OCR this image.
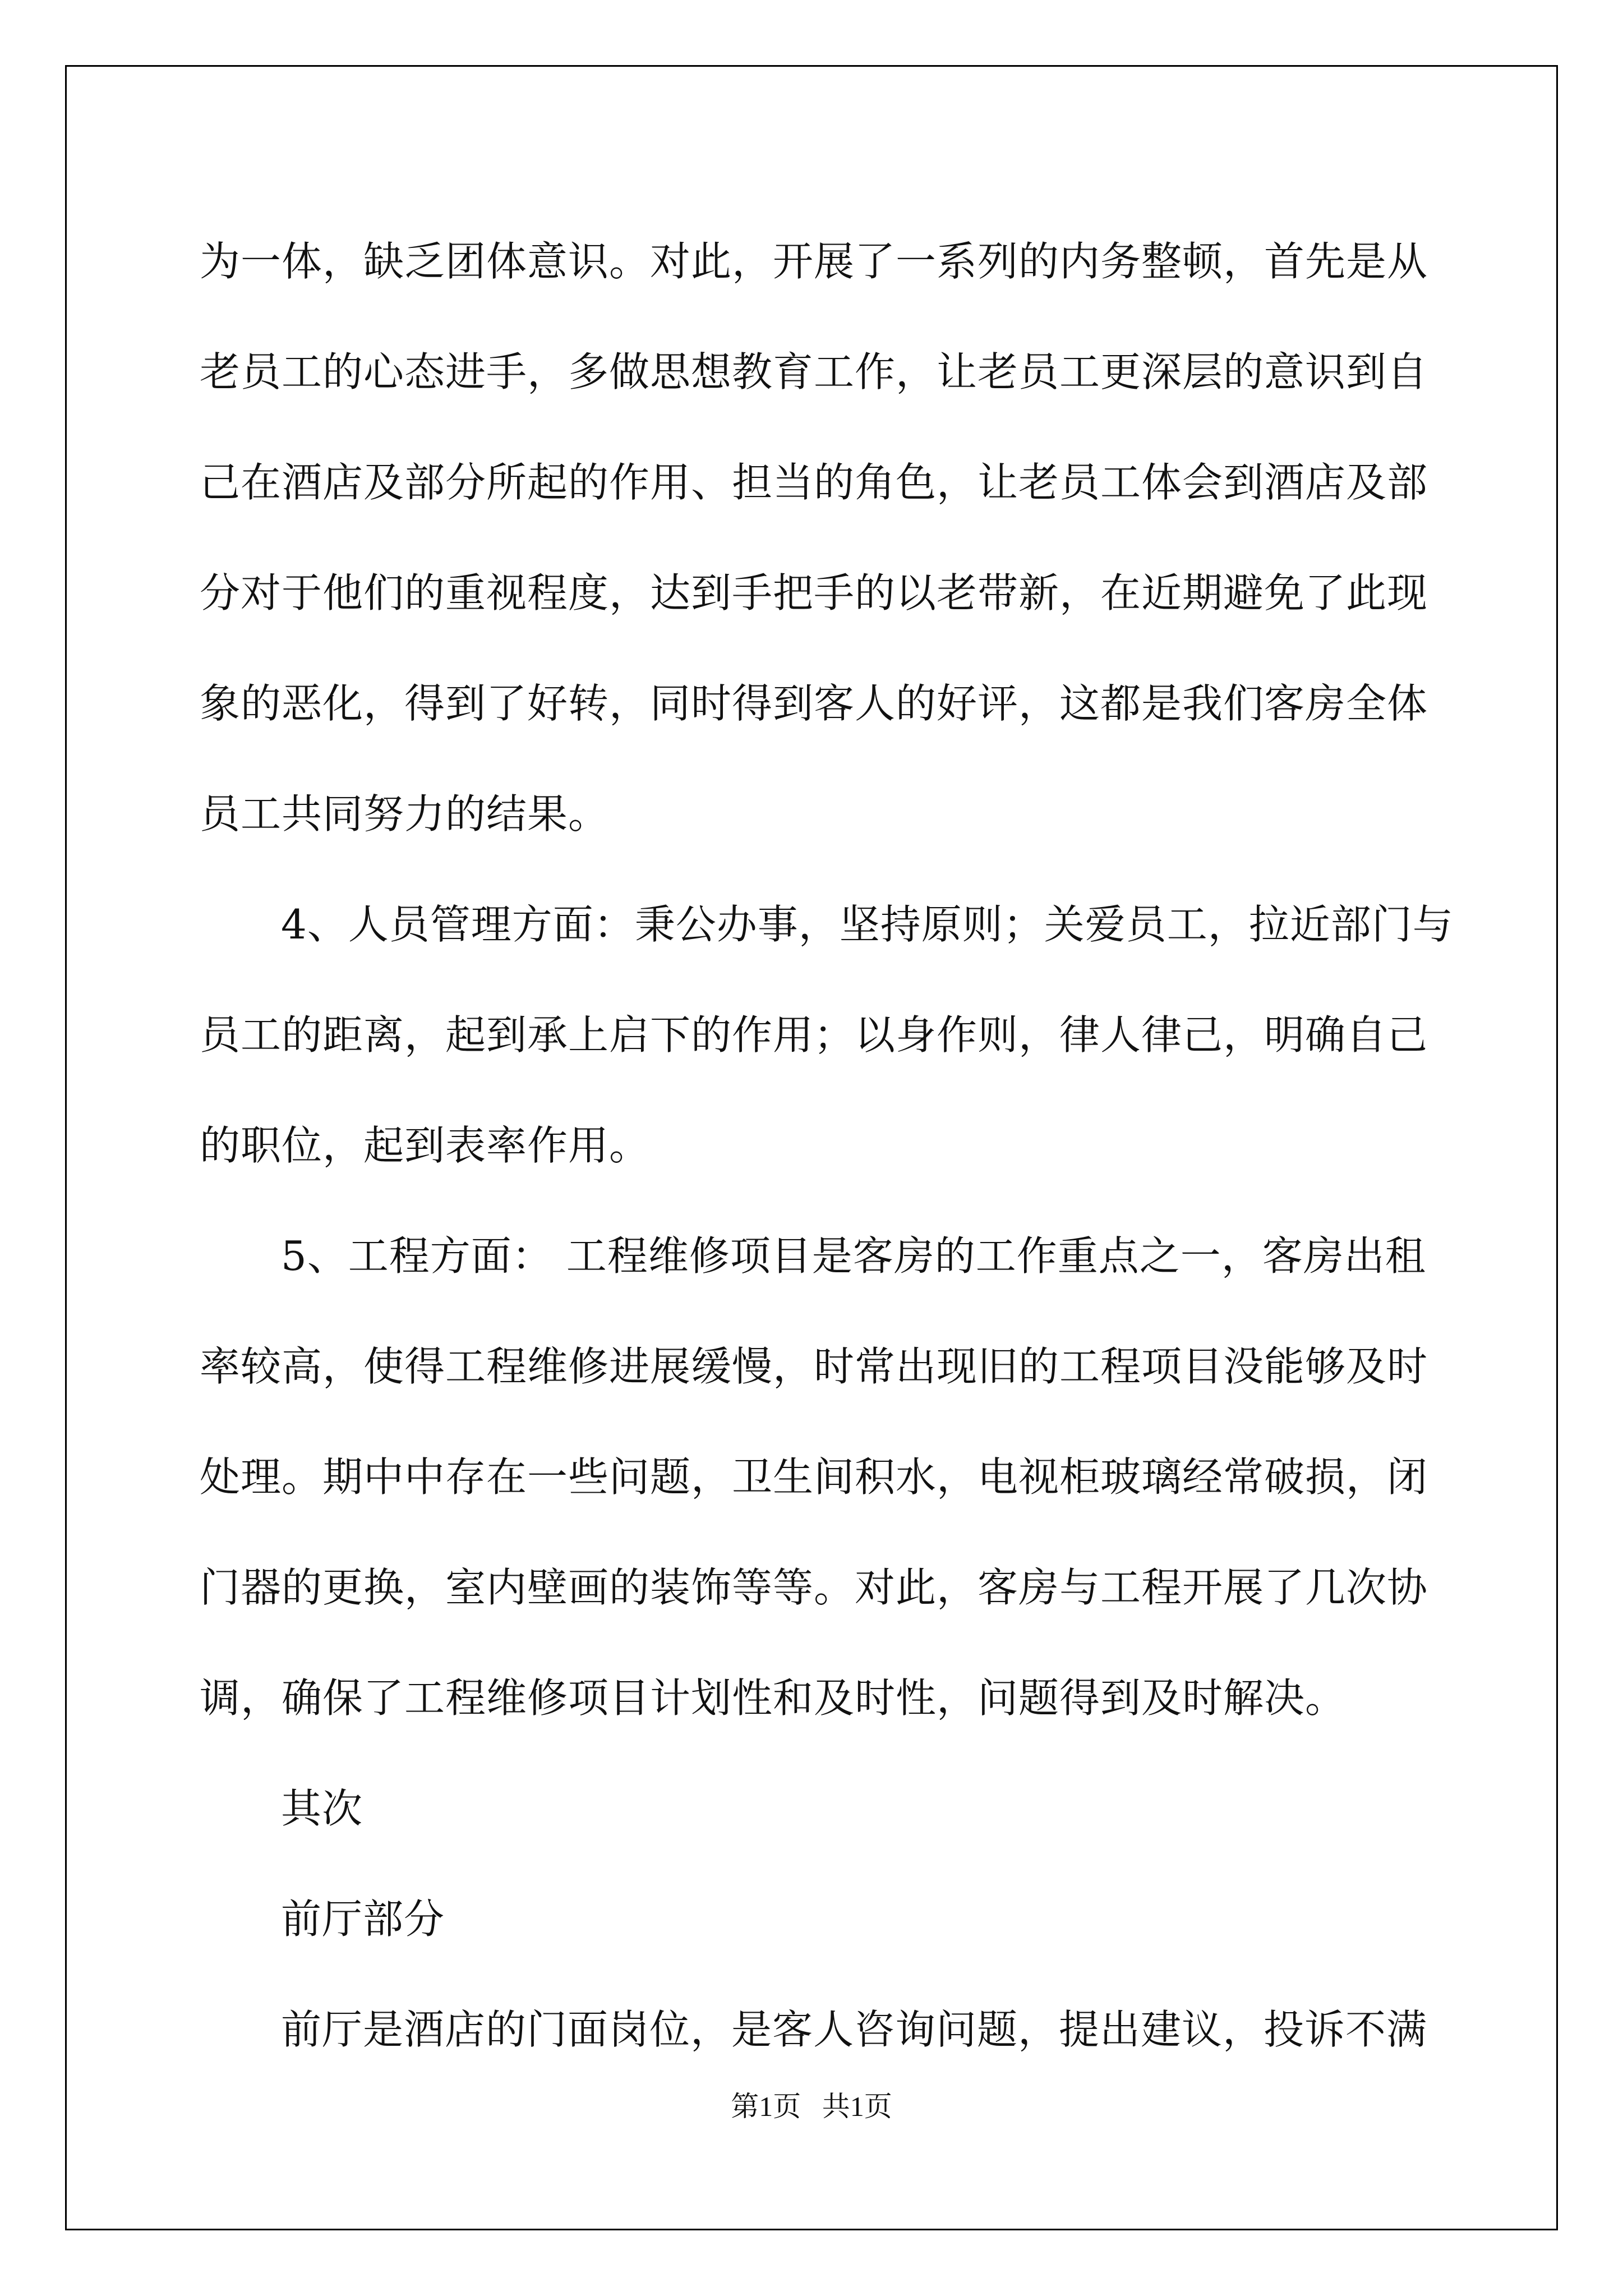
为一体，缺乏团体意识。对此，开展了一系列的内务整顿，首先是从
老员工的心态进手，多做思想教育工作，让老员工更深层的意识到自
己在酒店及部分所起的作用、担当的角色，让老员工体会到酒店及部
分对于他们的重视程度，达到手把手的以老带新，在近期避免了此现
象的恶化，得到了好转，同时得到客人的好评，这都是我们客房全体
员工共同努力的结果。
4、人员管理方面：秉公办事，坚持原则；关爱员工，拉近部门与
员工的距离，起到承上启下的作用；以身作则，律人律己，明确自己
的职位，起到表率作用。
5、工程方面： 工程维修项目是客房的工作重点之一，客房出租
率较高，使得工程维修进展缓慢，时常出现旧的工程项目没能够及时
处理。期中中存在一些问题，卫生间积水，电视柜玻璃经常破损，闭
门器的更换，室内壁画的装饰等等。对此，客房与工程开展了几次协
调，确保了工程维修项目计划性和及时性，问题得到及时解决。
其次
前厅部分
前厅是酒店的门面岗位，是客人咨询问题，提出建议，投诉不满
第1页   共1页
